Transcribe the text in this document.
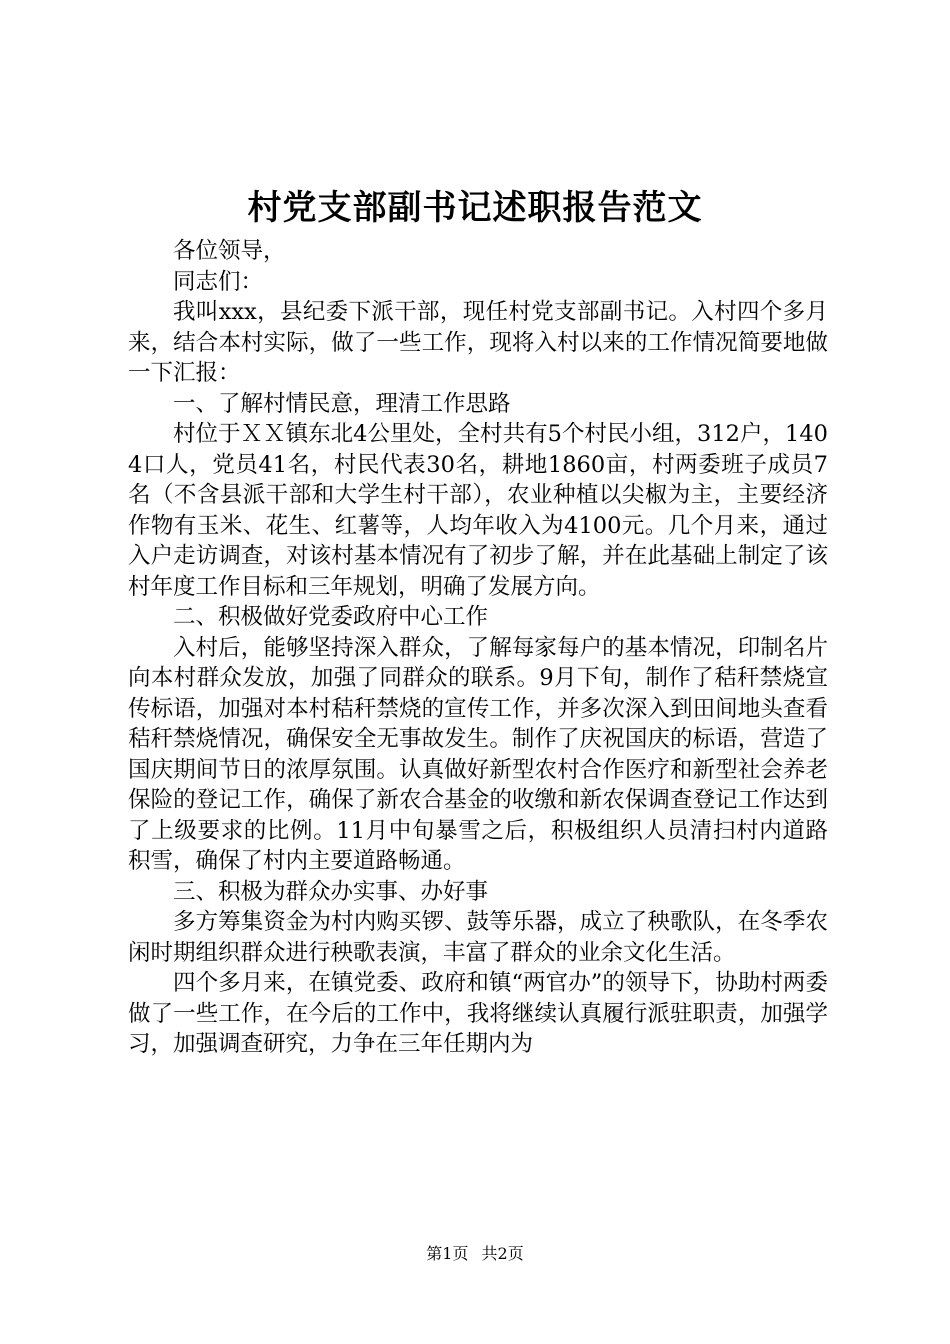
村党支部副书记述职报告范文

各位领导，

同志们：

我叫xxx，县纪委下派干部，现任村党支部副书记。入村四个多月来，结合本村实际，做了一些工作，现将入村以来的工作情况简要地做一下汇报：

一、了解村情民意，理清工作思路

村位于ＸＸ镇东北4公里处，全村共有5个村民小组，312户，1404口人，党员41名，村民代表30名，耕地1860亩，村两委班子成员7名（不含县派干部和大学生村干部），农业种植以尖椒为主，主要经济作物有玉米、花生、红薯等，人均年收入为4100元。几个月来，通过入户走访调查，对该村基本情况有了初步了解，并在此基础上制定了该村年度工作目标和三年规划，明确了发展方向。

二、积极做好党委政府中心工作

入村后，能够坚持深入群众，了解每家每户的基本情况，印制名片向本村群众发放，加强了同群众的联系。9月下旬，制作了秸秆禁烧宣传标语，加强对本村秸秆禁烧的宣传工作，并多次深入到田间地头查看秸秆禁烧情况，确保安全无事故发生。制作了庆祝国庆的标语，营造了国庆期间节日的浓厚氛围。认真做好新型农村合作医疗和新型社会养老保险的登记工作，确保了新农合基金的收缴和新农保调查登记工作达到了上级要求的比例。11月中旬暴雪之后，积极组织人员清扫村内道路积雪，确保了村内主要道路畅通。

三、积极为群众办实事、办好事

多方筹集资金为村内购买锣、鼓等乐器，成立了秧歌队，在冬季农闲时期组织群众进行秧歌表演，丰富了群众的业余文化生活。

四个多月来，在镇党委、政府和镇“两官办”的领导下，协助村两委做了一些工作，在今后的工作中，我将继续认真履行派驻职责，加强学习，加强调查研究，力争在三年任期内为

第1页 共2页
